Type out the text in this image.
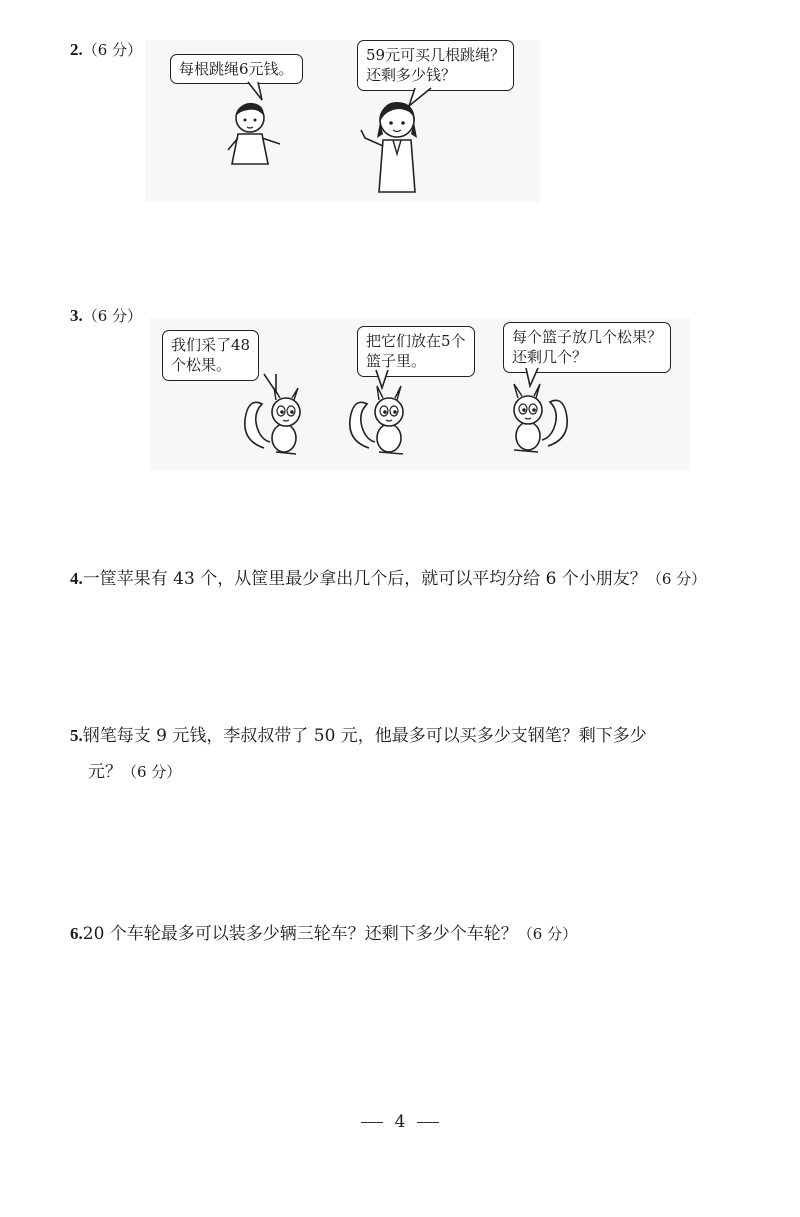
2.（6 分）
每根跳绳6元钱。
59元可买几根跳绳？
还剩多少钱？
3.（6 分）
我们采了48
个松果。
把它们放在5个
篮子里。
每个篮子放几个松果？
还剩几个？
4.一筐苹果有 43 个，从筐里最少拿出几个后，就可以平均分给 6 个小朋友？（6 分）
5.钢笔每支 9 元钱，李叔叔带了 50 元，他最多可以买多少支钢笔？剩下多少
元？（6 分）
6.20 个车轮最多可以装多少辆三轮车？还剩下多少个车轮？（6 分）
4
